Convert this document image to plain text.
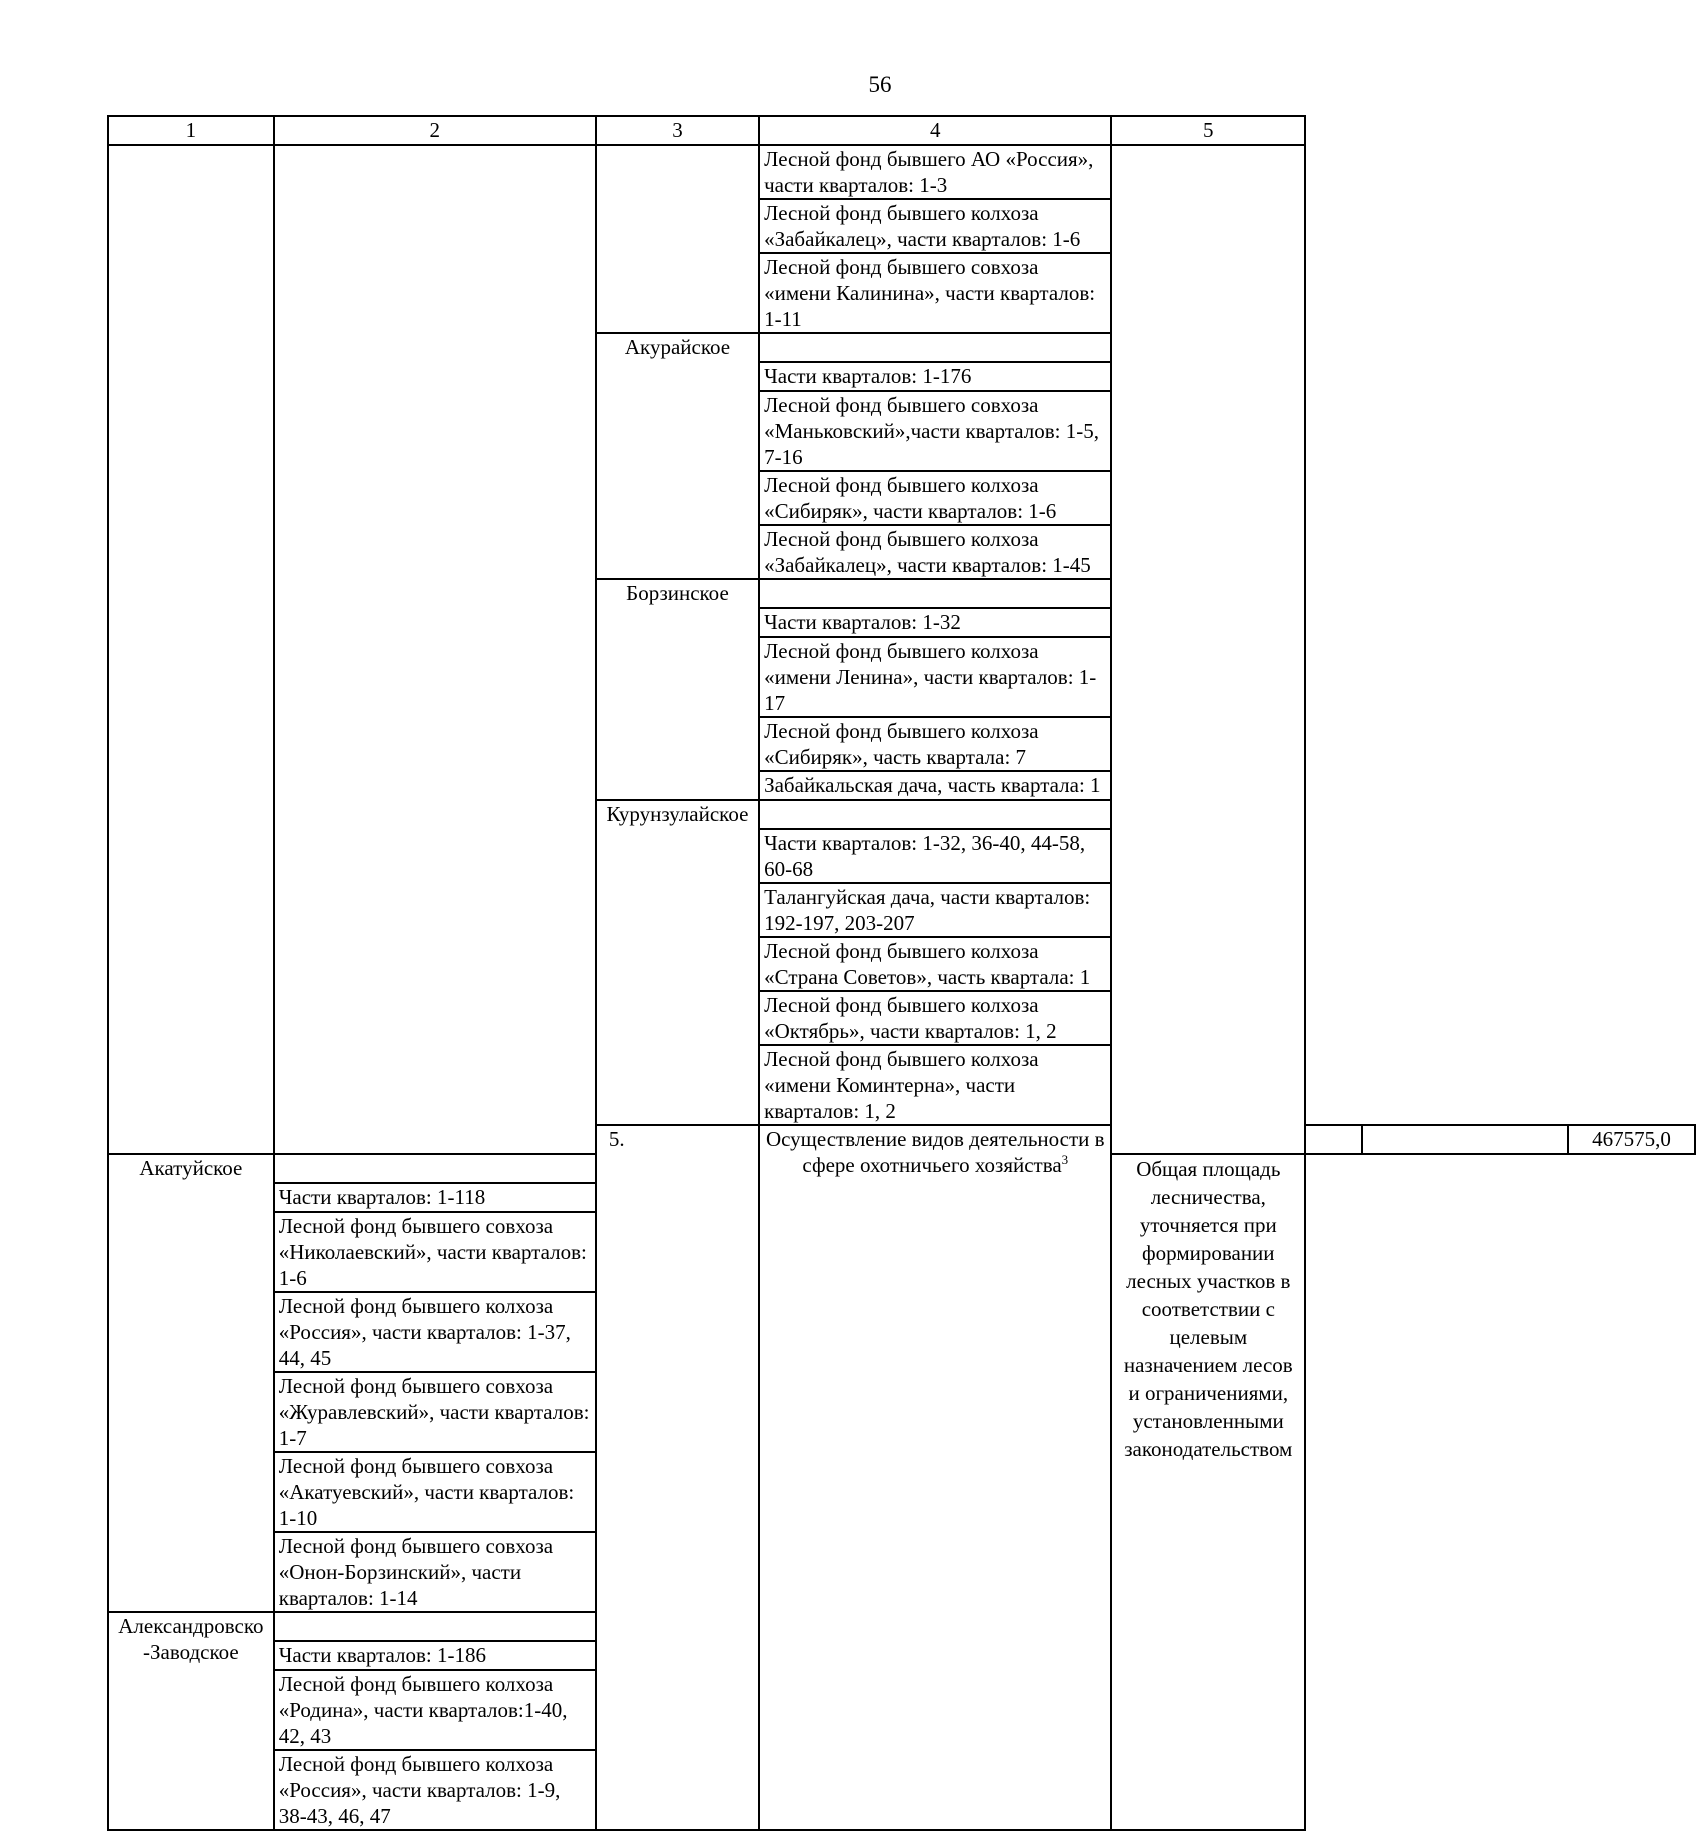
56
1	2	3	4	5			
			Лесной фонд бывшего АО «Россия», части кварталов: 1-3				
			Лесной фонд бывшего колхоза «Забайкалец», части кварталов: 1-6				
			Лесной фонд бывшего совхоза «имени Калинина», части кварталов: 1-11				
		Акурайское					
			Части кварталов: 1-176				
			Лесной фонд бывшего совхоза «Маньковский»,части кварталов: 1-5, 7-16				
			Лесной фонд бывшего колхоза «Сибиряк», части кварталов: 1-6				
			Лесной фонд бывшего колхоза «Забайкалец», части кварталов: 1-45				
		Борзинское					
			Части кварталов: 1-32				
			Лесной фонд бывшего колхоза «имени Ленина», части кварталов: 1-17				
			Лесной фонд бывшего колхоза «Сибиряк», часть квартала: 7				
			Забайкальская дача, часть квартала: 1				
		Курунзулайское					
			Части кварталов: 1-32, 36-40, 44-58, 60-68				
			Талангуйская дача, части кварталов: 192-197, 203-207				
			Лесной фонд бывшего колхоза «Страна Советов», часть квартала: 1				
			Лесной фонд бывшего колхоза «Октябрь», части кварталов: 1, 2				
			Лесной фонд бывшего колхоза «имени Коминтерна», части кварталов: 1, 2				
		5.	Осуществление видов деятельности в сфере охотничьего хозяйства$^3$				467575,0
Акатуйское				Общая площадь лесничества, уточняется при формировании лесных участков в соответствии с целевым назначением лесов и ограничениями, установленными законодательством			
	Части кварталов: 1-118						
	Лесной фонд бывшего совхоза «Николаевский», части кварталов: 1-6						
	Лесной фонд бывшего колхоза «Россия», части кварталов: 1-37, 44, 45						
	Лесной фонд бывшего совхоза «Журавлевский», части кварталов: 1-7						
	Лесной фонд бывшего совхоза «Акатуевский», части кварталов: 1-10						
	Лесной фонд бывшего совхоза «Онон-Борзинский», части кварталов: 1-14						
Александровско -Заводское							
	Части кварталов: 1-186						
	Лесной фонд бывшего колхоза «Родина», части кварталов:1-40, 42, 43						
	Лесной фонд бывшего колхоза «Россия», части кварталов: 1-9, 38-43, 46, 47						
